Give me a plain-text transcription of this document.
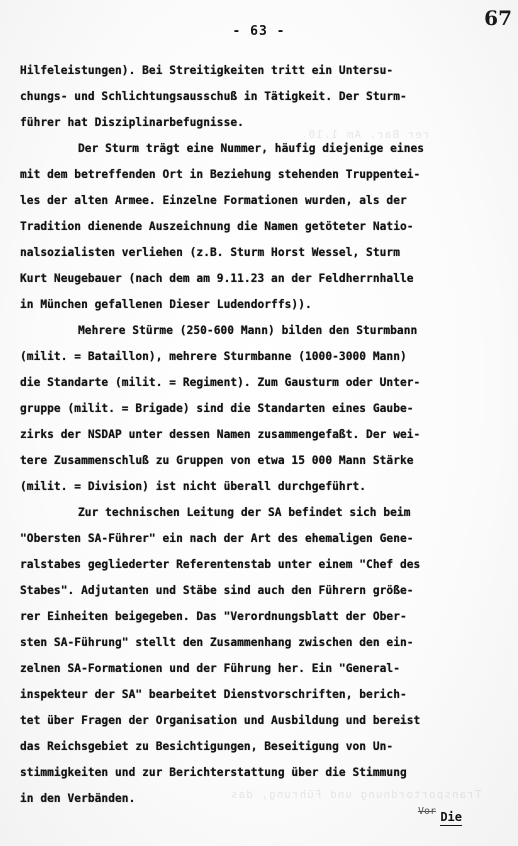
rer Bar. Am 1.10.
Transportordnung und Führung, das
67
- 63 -
Hilfeleistungen). Bei Streitigkeiten tritt ein Untersu-
chungs- und Schlichtungsausschuß in Tätigkeit. Der Sturm-
führer hat Disziplinarbefugnisse.
Der Sturm trägt eine Nummer, häufig diejenige eines
mit dem betreffenden Ort in Beziehung stehenden Truppentei-
les der alten Armee. Einzelne Formationen wurden, als der
Tradition dienende Auszeichnung die Namen getöteter Natio-
nalsozialisten verliehen (z.B. Sturm Horst Wessel, Sturm
Kurt Neugebauer (nach dem am 9.11.23 an der Feldherrnhalle
in München gefallenen Dieser Ludendorffs)).
Mehrere Stürme (250-600 Mann) bilden den Sturmbann
(milit. = Bataillon), mehrere Sturmbanne (1000-3000 Mann)
die Standarte (milit. = Regiment). Zum Gausturm oder Unter-
gruppe (milit. = Brigade) sind die Standarten eines Gaube-
zirks der NSDAP unter dessen Namen zusammengefaßt. Der wei-
tere Zusammenschluß zu Gruppen von etwa 15 000 Mann Stärke
(milit. = Division) ist nicht überall durchgeführt.
Zur technischen Leitung der SA befindet sich beim
"Obersten SA-Führer" ein nach der Art des ehemaligen Gene-
ralstabes gegliederter Referentenstab unter einem "Chef des
Stabes". Adjutanten und Stäbe sind auch den Führern größe-
rer Einheiten beigegeben. Das "Verordnungsblatt der Ober-
sten SA-Führung" stellt den Zusammenhang zwischen den ein-
zelnen SA-Formationen und der Führung her. Ein "General-
inspekteur der SA" bearbeitet Dienstvorschriften, berich-
tet über Fragen der Organisation und Ausbildung und bereist
das Reichsgebiet zu Besichtigungen, Beseitigung von Un-
stimmigkeiten und zur Berichterstattung über die Stimmung
in den Verbänden.
Vor Die
